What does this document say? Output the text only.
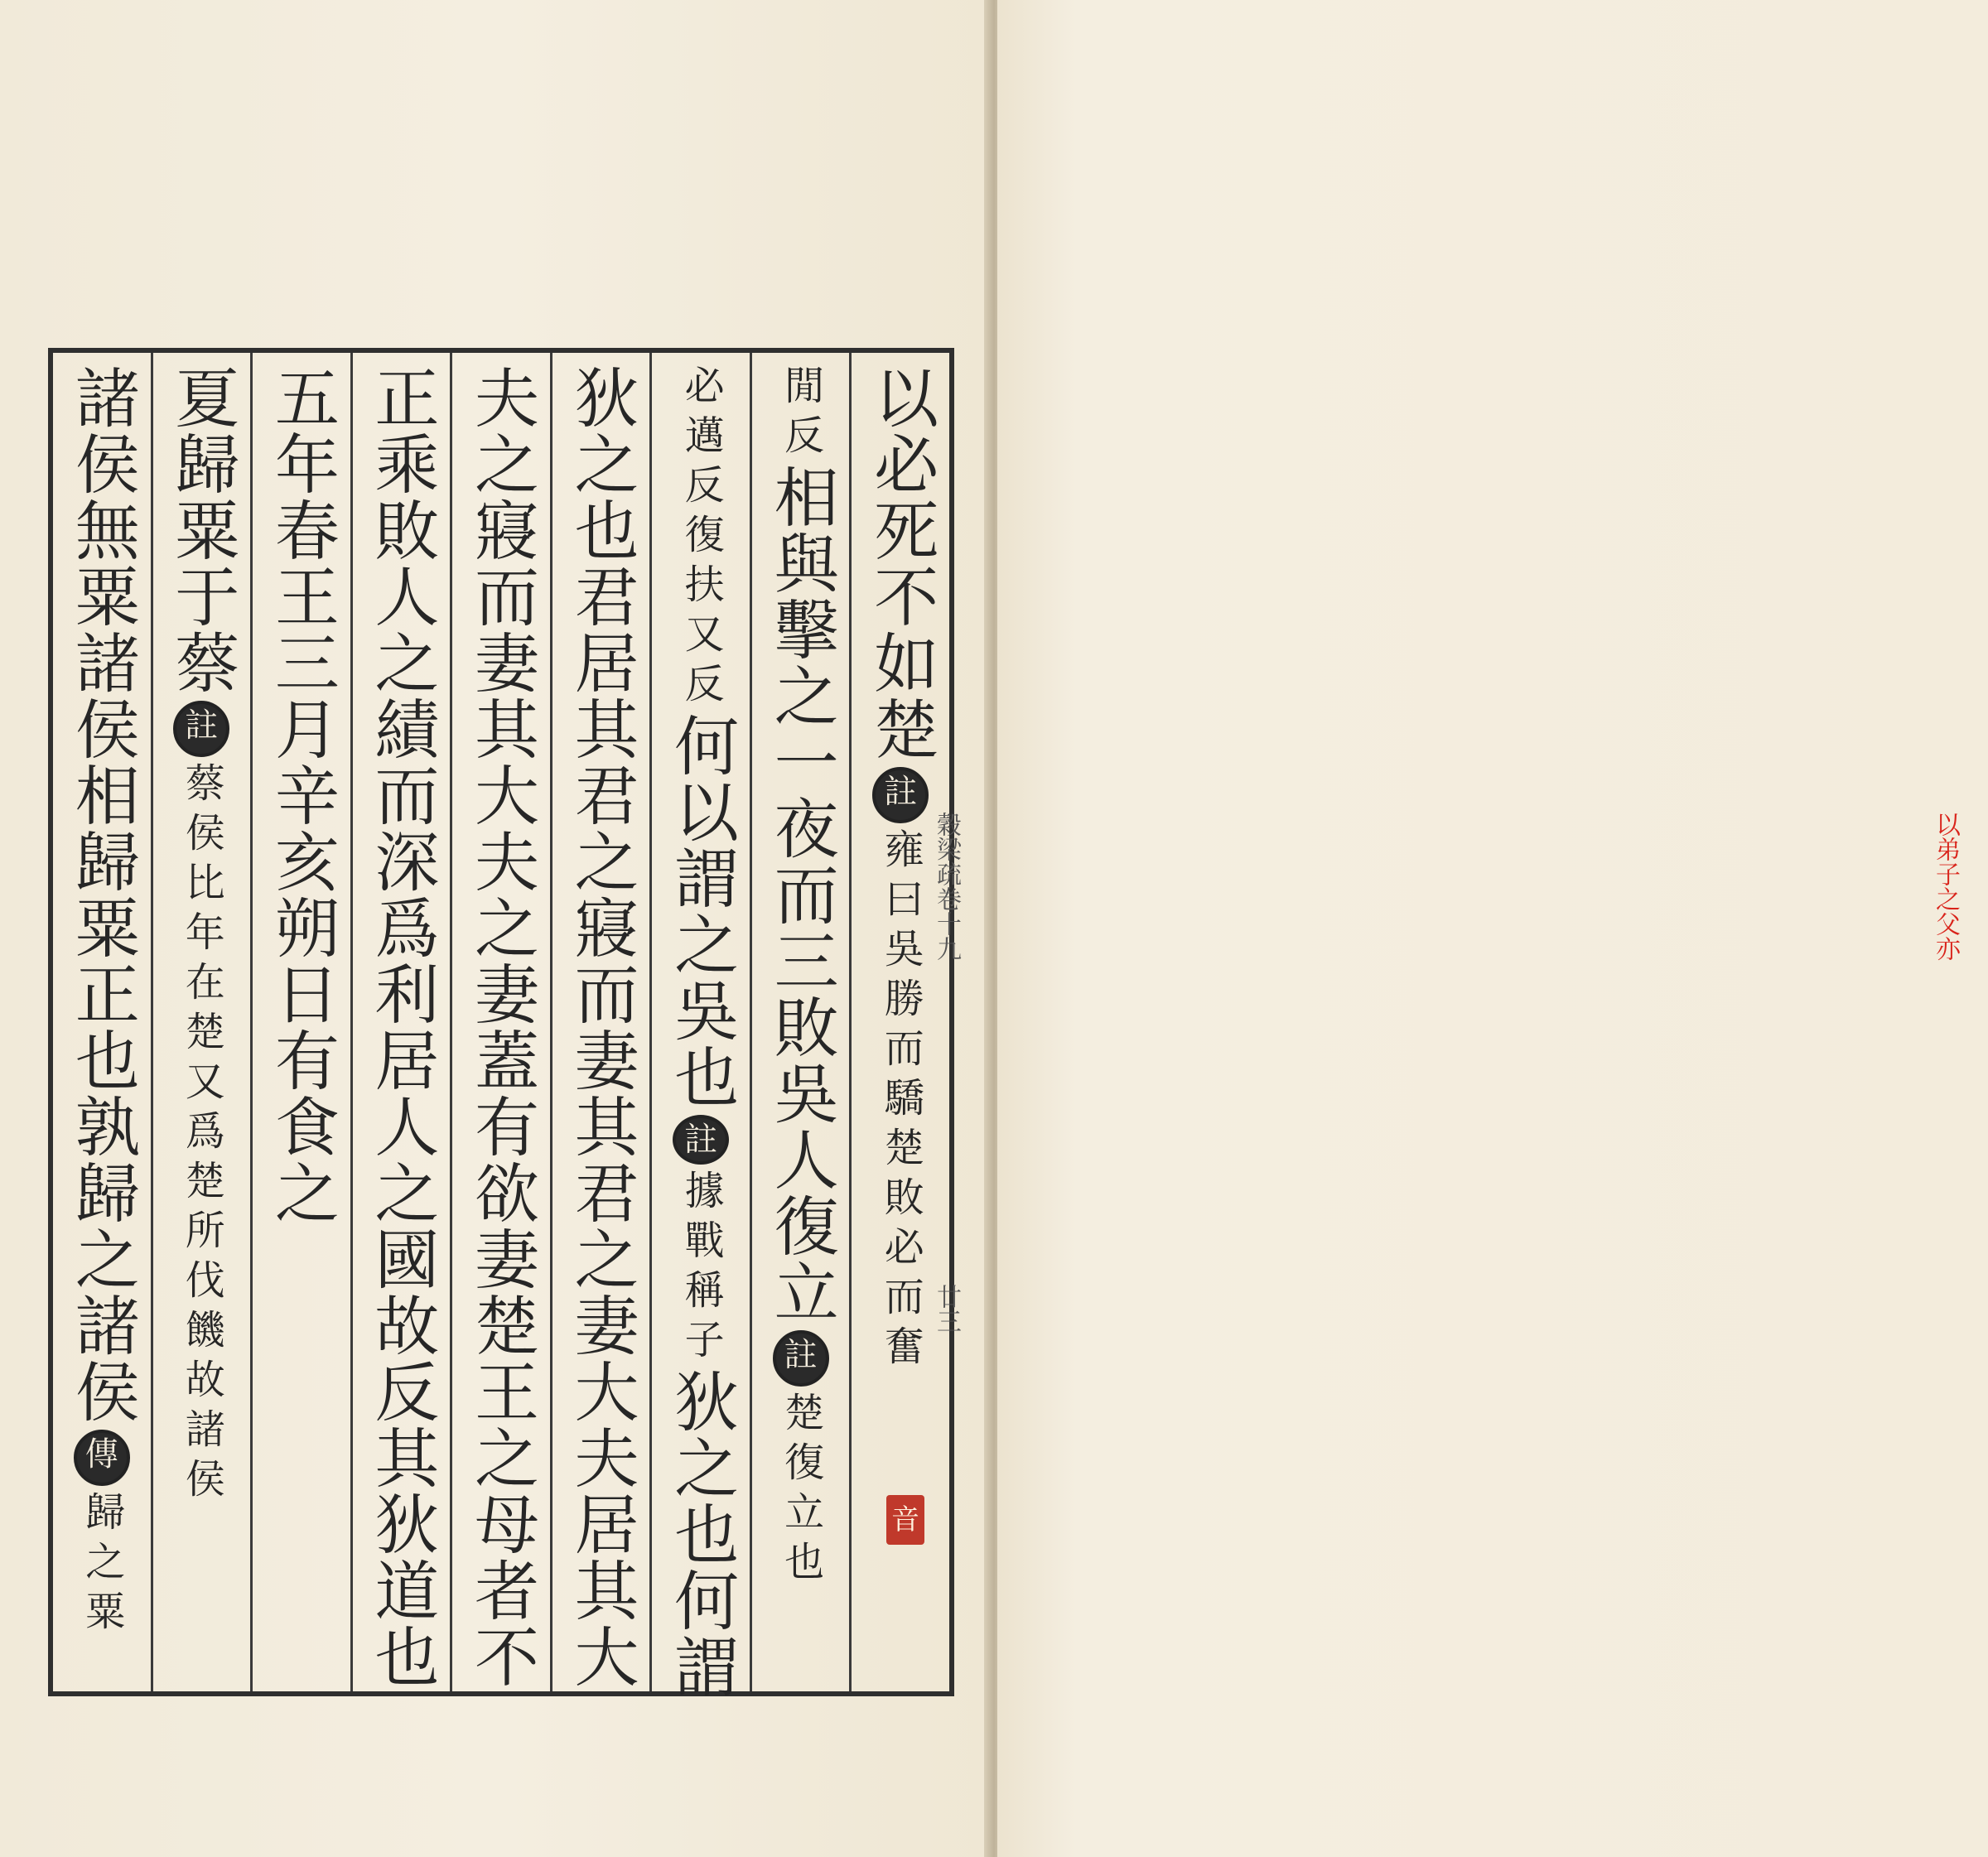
以必死不如楚
註
雍曰吳勝而驕楚敗必而奮
閒反
相與擊之一夜而三敗吳人復立
註
楚復立也
必邁反復扶又反
何以謂之吳也
註
據戰稱子
狄之也何謂
狄之也君居其君之寢而妻其君之妻大夫居其大
夫之寢而妻其大夫之妻蓋有欲妻楚王之母者不
正乘敗人之績而深爲利居人之國故反其狄道也
五年春王三月辛亥朔日有食之
夏歸粟于蔡
註
蔡侯比年在楚又爲楚所伐饑故諸侯
諸侯無粟諸侯相歸粟正也孰歸之諸侯
傳
歸之粟	音
穀梁疏卷十九
廿三
以弟子之父亦
